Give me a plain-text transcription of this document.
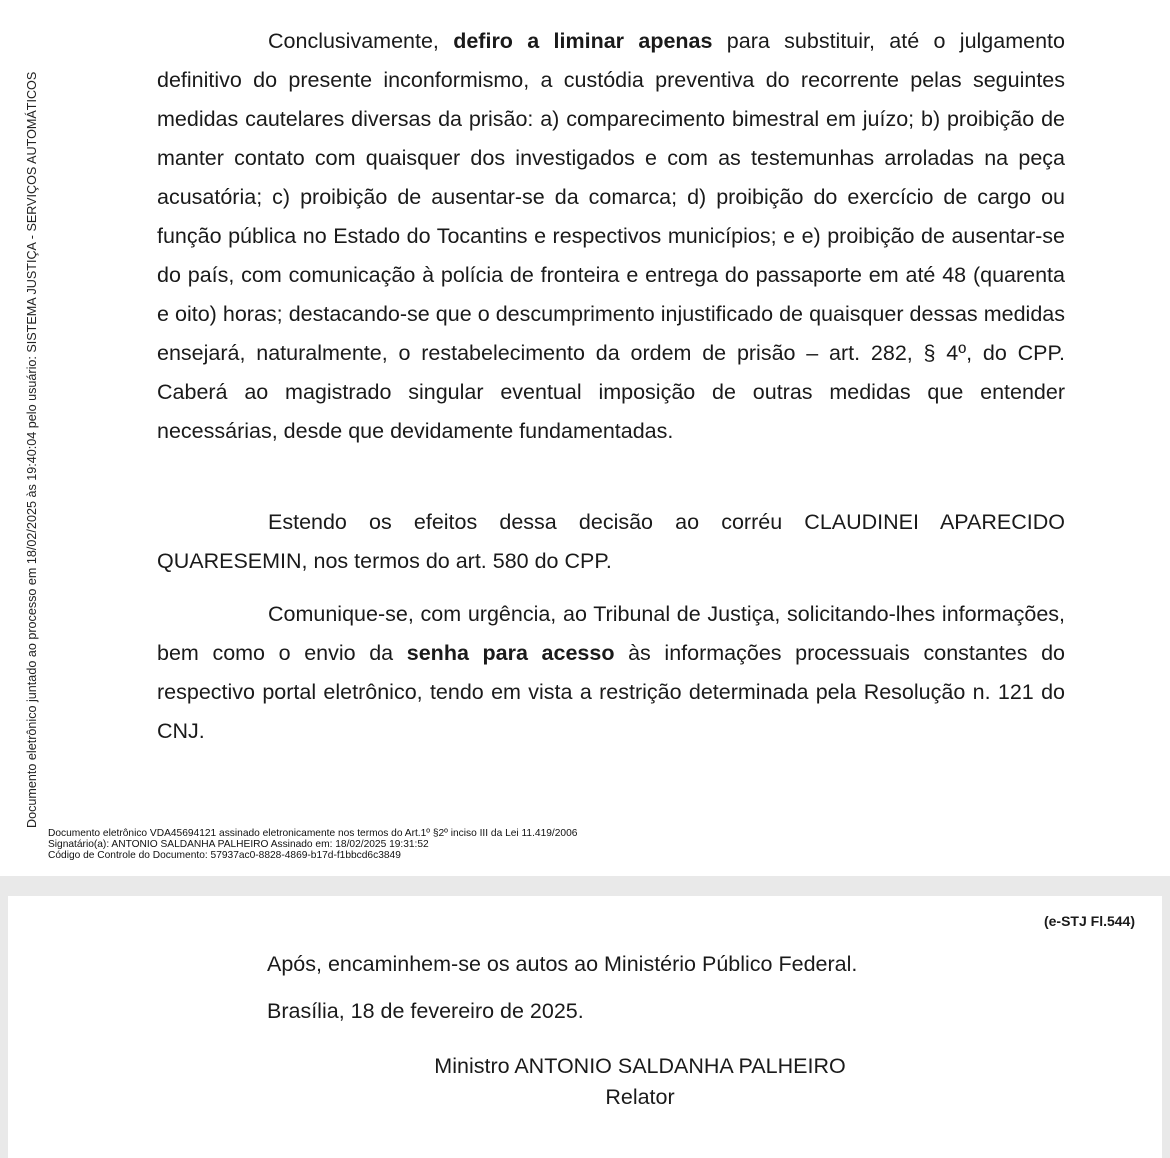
Documento eletrônico juntado ao processo em 18/02/2025 às 19:40:04 pelo usuário: SISTEMA JUSTIÇA - SERVIÇOS AUTOMÁTICOS

Conclusivamente, defiro a liminar apenas para substituir, até o julgamento definitivo do presente inconformismo, a custódia preventiva do recorrente pelas seguintes medidas cautelares diversas da prisão: a) comparecimento bimestral em juízo; b) proibição de manter contato com quaisquer dos investigados e com as testemunhas arroladas na peça acusatória; c) proibição de ausentar-se da comarca; d) proibição do exercício de cargo ou função pública no Estado do Tocantins e respectivos municípios; e e) proibição de ausentar-se do país, com comunicação à polícia de fronteira e entrega do passaporte em até 48 (quarenta e oito) horas; destacando-se que o descumprimento injustificado de quaisquer dessas medidas ensejará, naturalmente, o restabelecimento da ordem de prisão – art. 282, § 4º, do CPP. Caberá ao magistrado singular eventual imposição de outras medidas que entender necessárias, desde que devidamente fundamentadas.

Estendo os efeitos dessa decisão ao corréu CLAUDINEI APARECIDO QUARESEMIN, nos termos do art. 580 do CPP.

Comunique-se, com urgência, ao Tribunal de Justiça, solicitando-lhes informações, bem como o envio da senha para acesso às informações processuais constantes do respectivo portal eletrônico, tendo em vista a restrição determinada pela Resolução n. 121 do CNJ.

Documento eletrônico VDA45694121 assinado eletronicamente nos termos do Art.1º §2º inciso III da Lei 11.419/2006
Signatário(a): ANTONIO SALDANHA PALHEIRO Assinado em: 18/02/2025 19:31:52
Código de Controle do Documento: 57937ac0-8828-4869-b17d-f1bbcd6c3849
(e-STJ Fl.544)
Após, encaminhem-se os autos ao Ministério Público Federal.
Brasília, 18 de fevereiro de 2025.
Ministro ANTONIO SALDANHA PALHEIRO
Relator
